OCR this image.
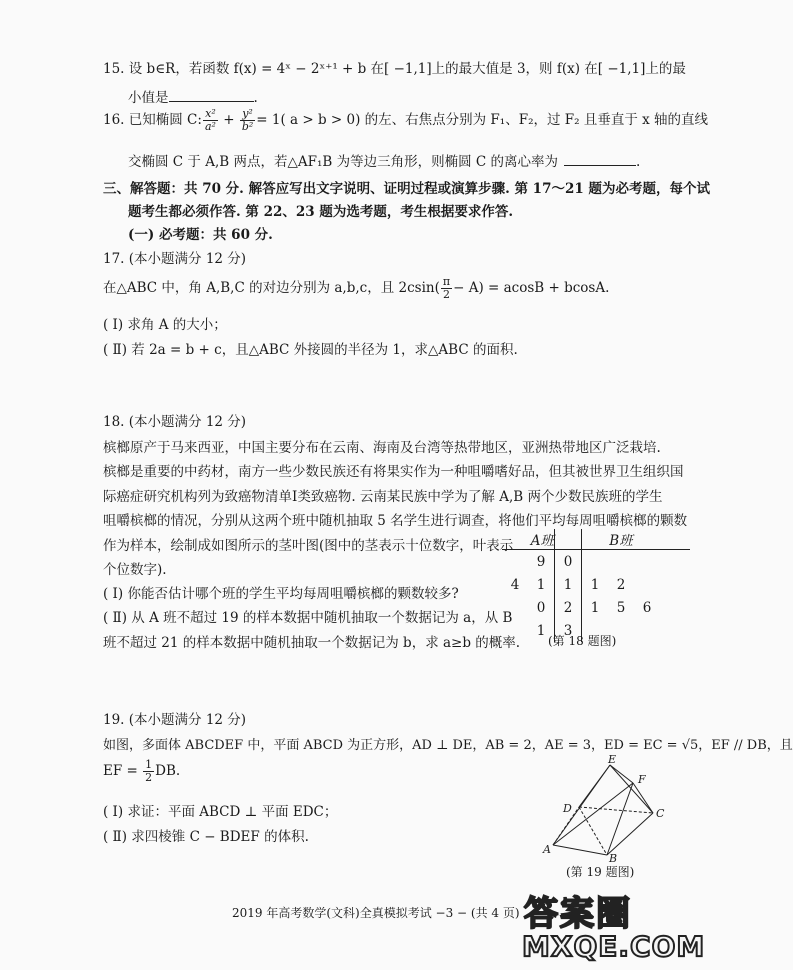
15. 设 b∈R，若函数 f(x) = 4ˣ − 2ˣ⁺¹ + b 在[ −1,1]上的最大值是 3，则 f(x) 在[ −1,1]上的最
小值是	.
16. 已知椭圆 C: $\frac{\text{x²}}{\text{a²}} + \frac{\text{y²}}{\text{b²}} = 1$( a > b > 0) 的左、右焦点分别为 F₁、F₂，过 F₂ 且垂直于 x 轴的直线
交椭圆 C 于 A,B 两点，若△AF₁B 为等边三角形，则椭圆 C 的离心率为	.
三、解答题：共 70 分. 解答应写出文字说明、证明过程或演算步骤. 第 17～21 题为必考题，每个试
题考生都必须作答. 第 22、23 题为选考题，考生根据要求作答.
(一) 必考题：共 60 分.
17. (本小题满分 12 分)
在△ABC 中，角 A,B,C 的对边分别为 a,b,c，且 $2csin( \frac{\pi}{2} - A) = acosB + bcosA$.
( Ⅰ) 求角 A 的大小；
( Ⅱ) 若 2a = b + c，且△ABC 外接圆的半径为 1，求△ABC 的面积.
18. (本小题满分 12 分)
槟榔原产于马来西亚，中国主要分布在云南、海南及台湾等热带地区，亚洲热带地区广泛栽培.
槟榔是重要的中药材，南方一些少数民族还有将果实作为一种咀嚼嗜好品，但其被世界卫生组织国
际癌症研究机构列为致癌物清单Ⅰ类致癌物. 云南某民族中学为了解 A,B 两个少数民族班的学生
咀嚼槟榔的情况，分别从这两个班中随机抽取 5 名学生进行调查，将他们平均每周咀嚼槟榔的颗数
作为样本，绘制成如图所示的茎叶图(图中的茎表示十位数字，叶表示
个位数字).
( Ⅰ) 你能否估计哪个班的学生平均每周咀嚼槟榔的颗数较多?
( Ⅱ) 从 A 班不超过 19 的样本数据中随机抽取一个数据记为 a，从 B
班不超过 21 的样本数据中随机抽取一个数据记为 b，求 a≥b 的概率.
A班			B班			
	9	0				
4	1	1	1	2		
	0	2	1	5	6	
	1	3				
(第 18 题图)
19. (本小题满分 12 分)
如图，多面体 ABCDEF 中，平面 ABCD 为正方形，AD ⊥ DE，AB = 2，AE = 3，ED = EC = √5，EF // DB，且
EF = $\frac{1}{2}$ DB.
( Ⅰ) 求证：平面 ABCD ⊥ 平面 EDC；
( Ⅱ) 求四棱锥 C − BDEF 的体积.
E
F
D	C
A
B
(第 19 题图)
2019 年高考数学(文科)全真模拟考试 −3 − (共 4 页) 答案圈
MXQE.COM
